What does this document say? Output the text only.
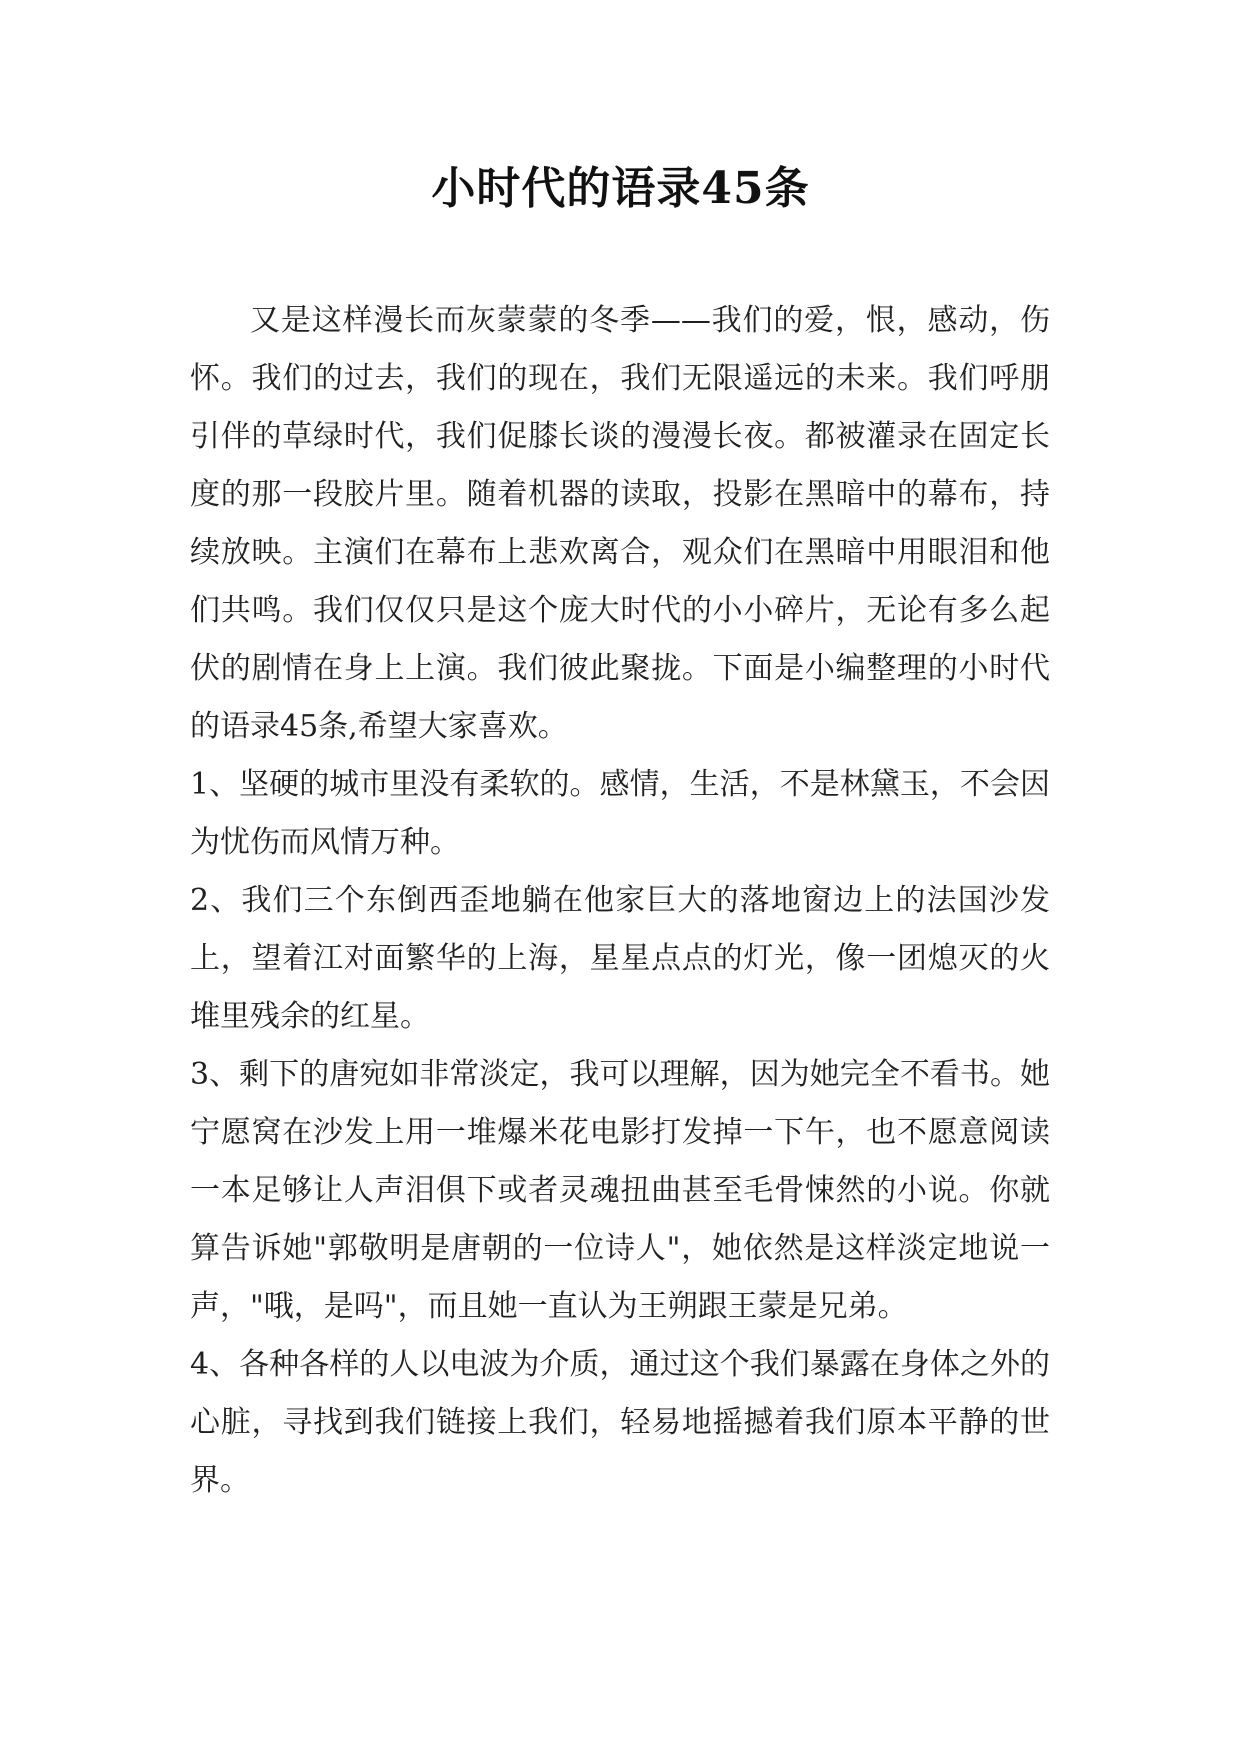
小时代的语录45条

又是这样漫长而灰蒙蒙的冬季——我们的爱，恨，感动，伤怀。我们的过去，我们的现在，我们无限遥远的未来。我们呼朋引伴的草绿时代，我们促膝长谈的漫漫长夜。都被灌录在固定长度的那一段胶片里。随着机器的读取，投影在黑暗中的幕布，持续放映。主演们在幕布上悲欢离合，观众们在黑暗中用眼泪和他们共鸣。我们仅仅只是这个庞大时代的小小碎片，无论有多么起伏的剧情在身上上演。我们彼此聚拢。下面是小编整理的小时代的语录45条,希望大家喜欢。

1、坚硬的城市里没有柔软的。感情，生活，不是林黛玉，不会因为忧伤而风情万种。

2、我们三个东倒西歪地躺在他家巨大的落地窗边上的法国沙发上，望着江对面繁华的上海，星星点点的灯光，像一团熄灭的火堆里残余的红星。

3、剩下的唐宛如非常淡定，我可以理解，因为她完全不看书。她宁愿窝在沙发上用一堆爆米花电影打发掉一下午，也不愿意阅读一本足够让人声泪俱下或者灵魂扭曲甚至毛骨悚然的小说。你就算告诉她"郭敬明是唐朝的一位诗人"，她依然是这样淡定地说一声，"哦，是吗"，而且她一直认为王朔跟王蒙是兄弟。

4、各种各样的人以电波为介质，通过这个我们暴露在身体之外的心脏，寻找到我们链接上我们，轻易地摇撼着我们原本平静的世界。
